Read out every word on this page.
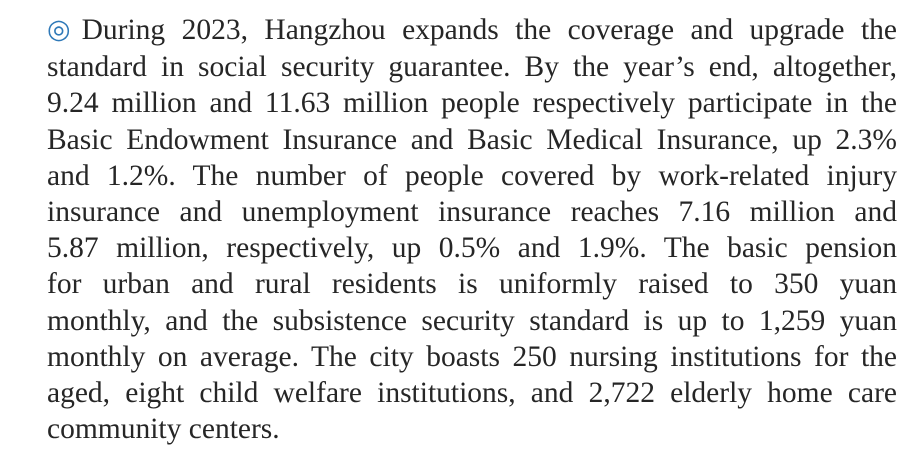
◎During 2023, Hangzhou expands the coverage and upgrade the
standard in social security guarantee. By the year’s end, altogether,
9.24 million and 11.63 million people respectively participate in the
Basic Endowment Insurance and Basic Medical Insurance, up 2.3%
and 1.2%. The number of people covered by work-related injury
insurance and unemployment insurance reaches 7.16 million and
5.87 million, respectively, up 0.5% and 1.9%. The basic pension
for urban and rural residents is uniformly raised to 350 yuan
monthly, and the subsistence security standard is up to 1,259 yuan
monthly on average. The city boasts 250 nursing institutions for the
aged, eight child welfare institutions, and 2,722 elderly home care
community centers.
